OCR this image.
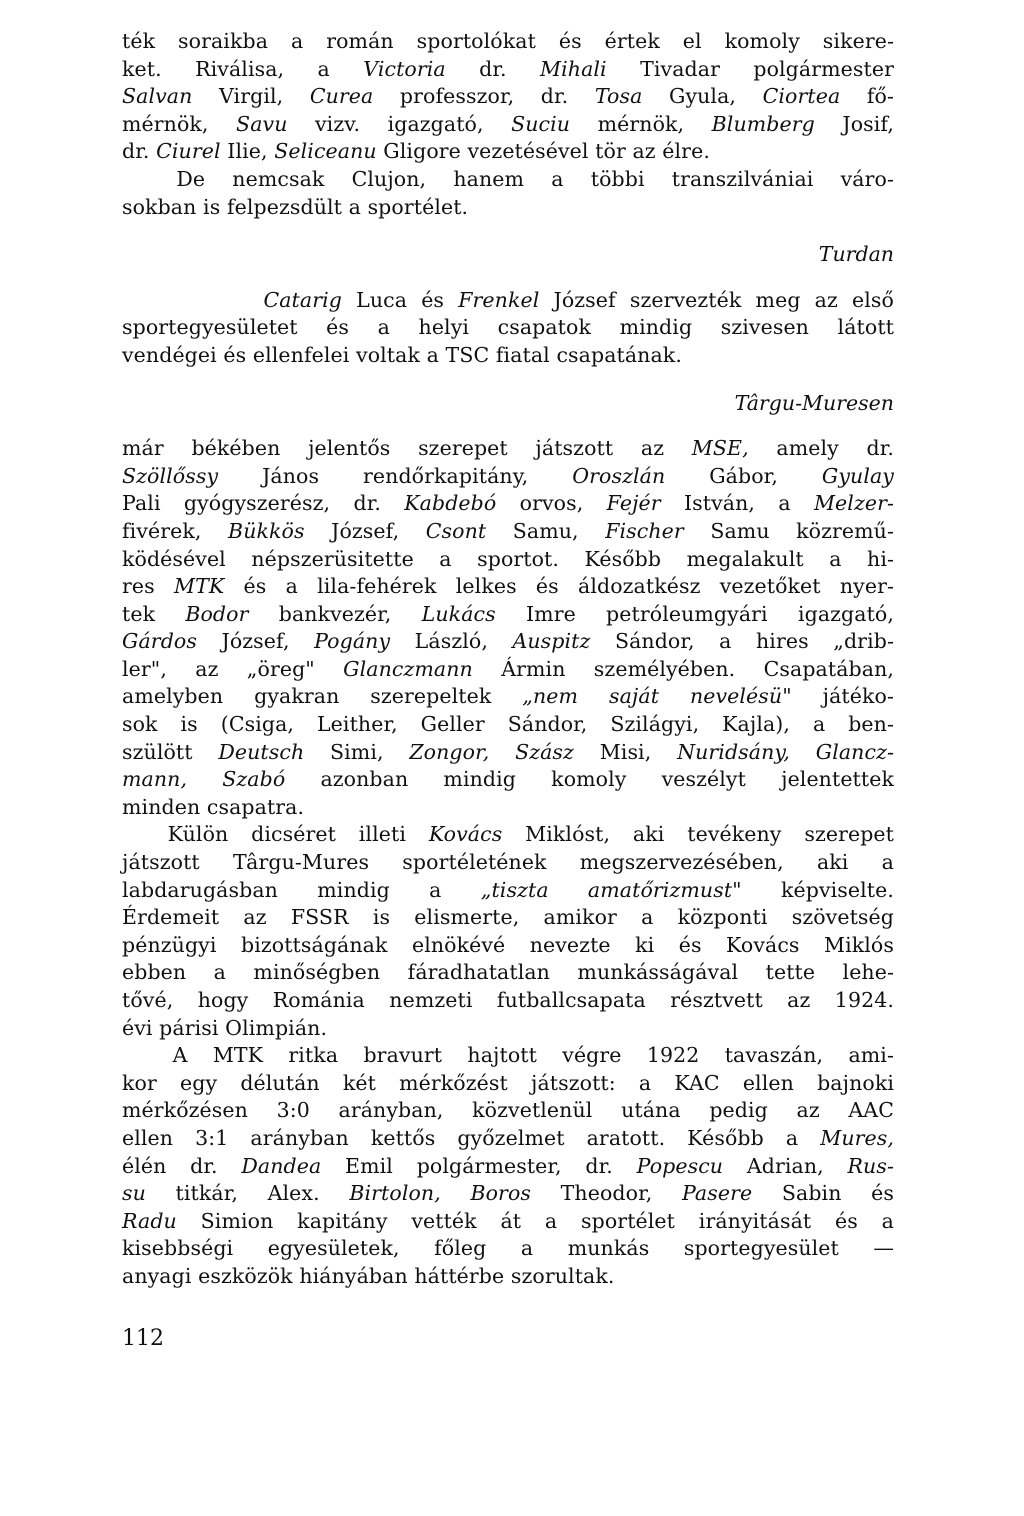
ték soraikba a román sportolókat és értek el komoly sikere-
ket. Riválisa, a Victoria dr. Mihali Tivadar polgármester
Salvan Virgil, Curea professzor, dr. Tosa Gyula, Ciortea fő-
mérnök, Savu vizv. igazgató, Suciu mérnök, Blumberg Josif,
dr. Ciurel Ilie, Seliceanu Gligore vezetésével tör az élre.
De nemcsak Clujon, hanem a többi transzilvániai váro-
sokban is felpezsdült a sportélet.

Turdan

Catarig Luca és Frenkel József szervezték meg az első
sportegyesületet és a helyi csapatok mindig szivesen látott
vendégei és ellenfelei voltak a TSC fiatal csapatának.

Târgu-Muresen

már békében jelentős szerepet játszott az MSE, amely dr.
Szöllőssy János rendőrkapitány, Oroszlán Gábor, Gyulay
Pali gyógyszerész, dr. Kabdebó orvos, Fejér István, a Melzer-
fivérek, Bükkös József, Csont Samu, Fischer Samu közremű-
ködésével népszerüsitette a sportot. Később megalakult a hi-
res MTK és a lila-fehérek lelkes és áldozatkész vezetőket nyer-
tek Bodor bankvezér, Lukács Imre petróleumgyári igazgató,
Gárdos József, Pogány László, Auspitz Sándor, a hires „drib-
ler", az „öreg" Glanczmann Ármin személyében. Csapatában,
amelyben gyakran szerepeltek „nem saját nevelésü" játéko-
sok is (Csiga, Leither, Geller Sándor, Szilágyi, Kajla), a ben-
szülött Deutsch Simi, Zongor, Szász Misi, Nuridsány, Glancz-
mann, Szabó azonban mindig komoly veszélyt jelentettek
minden csapatra.
Külön dicséret illeti Kovács Miklóst, aki tevékeny szerepet
játszott Târgu-Mures sportéletének megszervezésében, aki a
labdarugásban mindig a „tiszta amatőrizmust" képviselte.
Érdemeit az FSSR is elismerte, amikor a központi szövetség
pénzügyi bizottságának elnökévé nevezte ki és Kovács Miklós
ebben a minőségben fáradhatatlan munkásságával tette lehe-
tővé, hogy Románia nemzeti futballcsapata résztvett az 1924.
évi párisi Olimpián.
A MTK ritka bravurt hajtott végre 1922 tavaszán, ami-
kor egy délután két mérkőzést játszott: a KAC ellen bajnoki
mérkőzésen 3:0 arányban, közvetlenül utána pedig az AAC
ellen 3:1 arányban kettős győzelmet aratott. Később a Mures,
élén dr. Dandea Emil polgármester, dr. Popescu Adrian, Rus-
su titkár, Alex. Birtolon, Boros Theodor, Pasere Sabin és
Radu Simion kapitány vették át a sportélet irányitását és a
kisebbségi egyesületek, főleg a munkás sportegyesület —
anyagi eszközök hiányában háttérbe szorultak.
112
